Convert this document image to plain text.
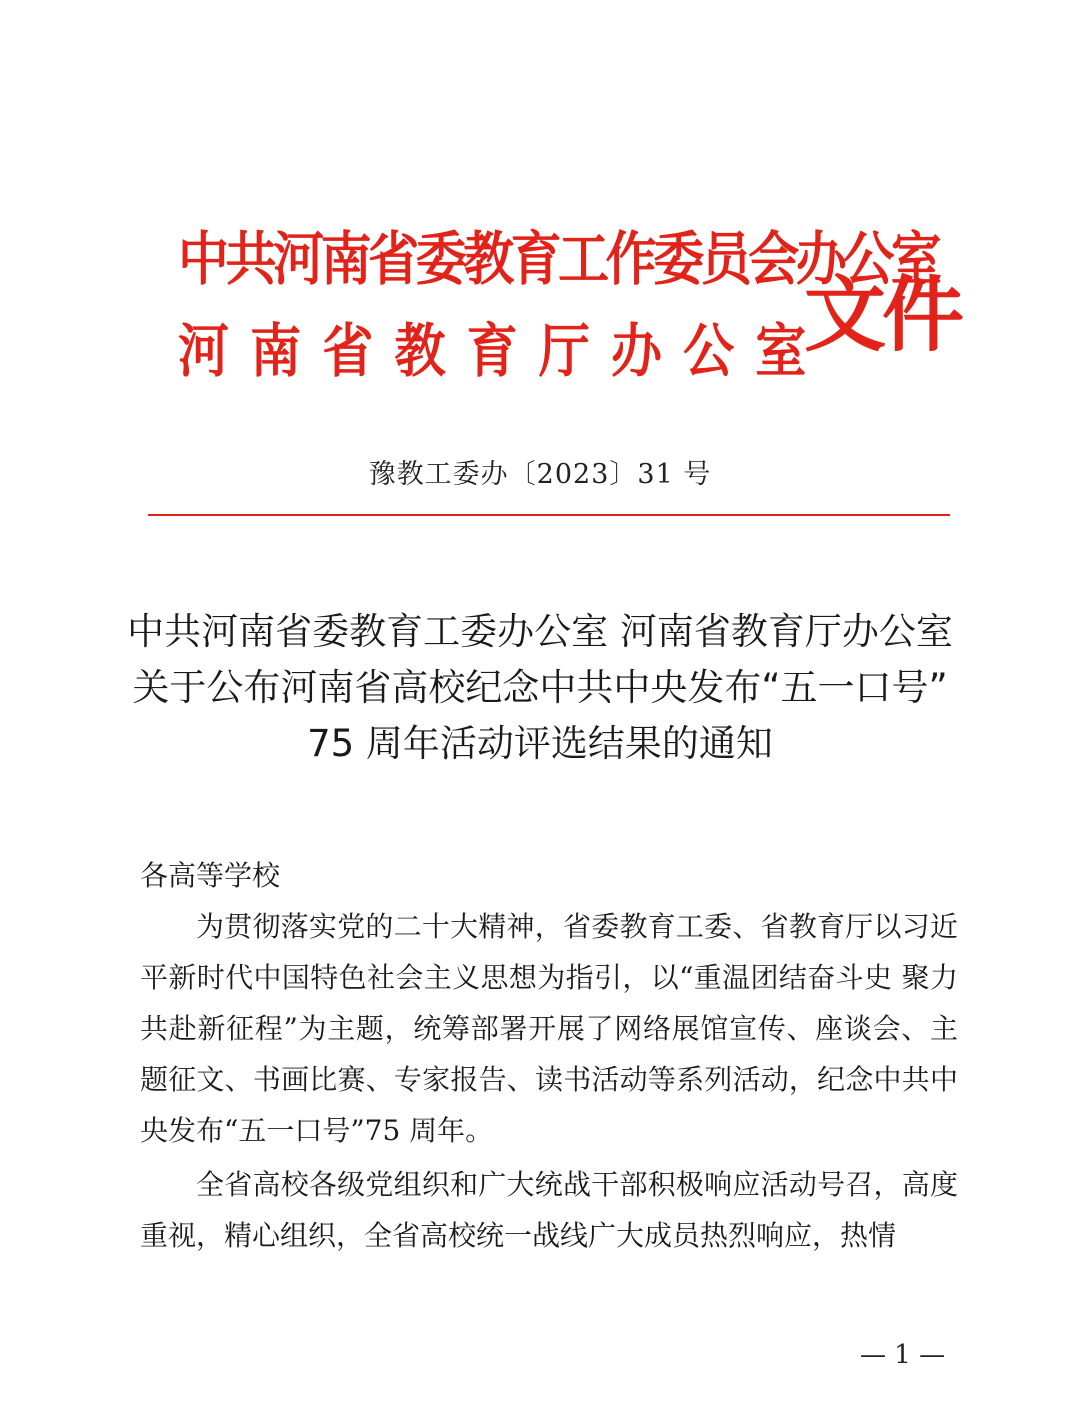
中共河南省委教育工作委员会办公室
河南省教育厅办公室
文件
豫教工委办〔2023〕31 号
中共河南省委教育工委办公室 河南省教育厅办公室
关于公布河南省高校纪念中共中央发布“五一口号”
75 周年活动评选结果的通知
各高等学校

为贯彻落实党的二十大精神，省委教育工委、省教育厅以习近平新时代中国特色社会主义思想为指引，以“重温团结奋斗史 聚力共赴新征程”为主题，统筹部署开展了网络展馆宣传、座谈会、主题征文、书画比赛、专家报告、读书活动等系列活动，纪念中共中央发布“五一口号”75 周年。

全省高校各级党组织和广大统战干部积极响应活动号召，高度重视，精心组织，全省高校统一战线广大成员热烈响应，热情

— 1 —
